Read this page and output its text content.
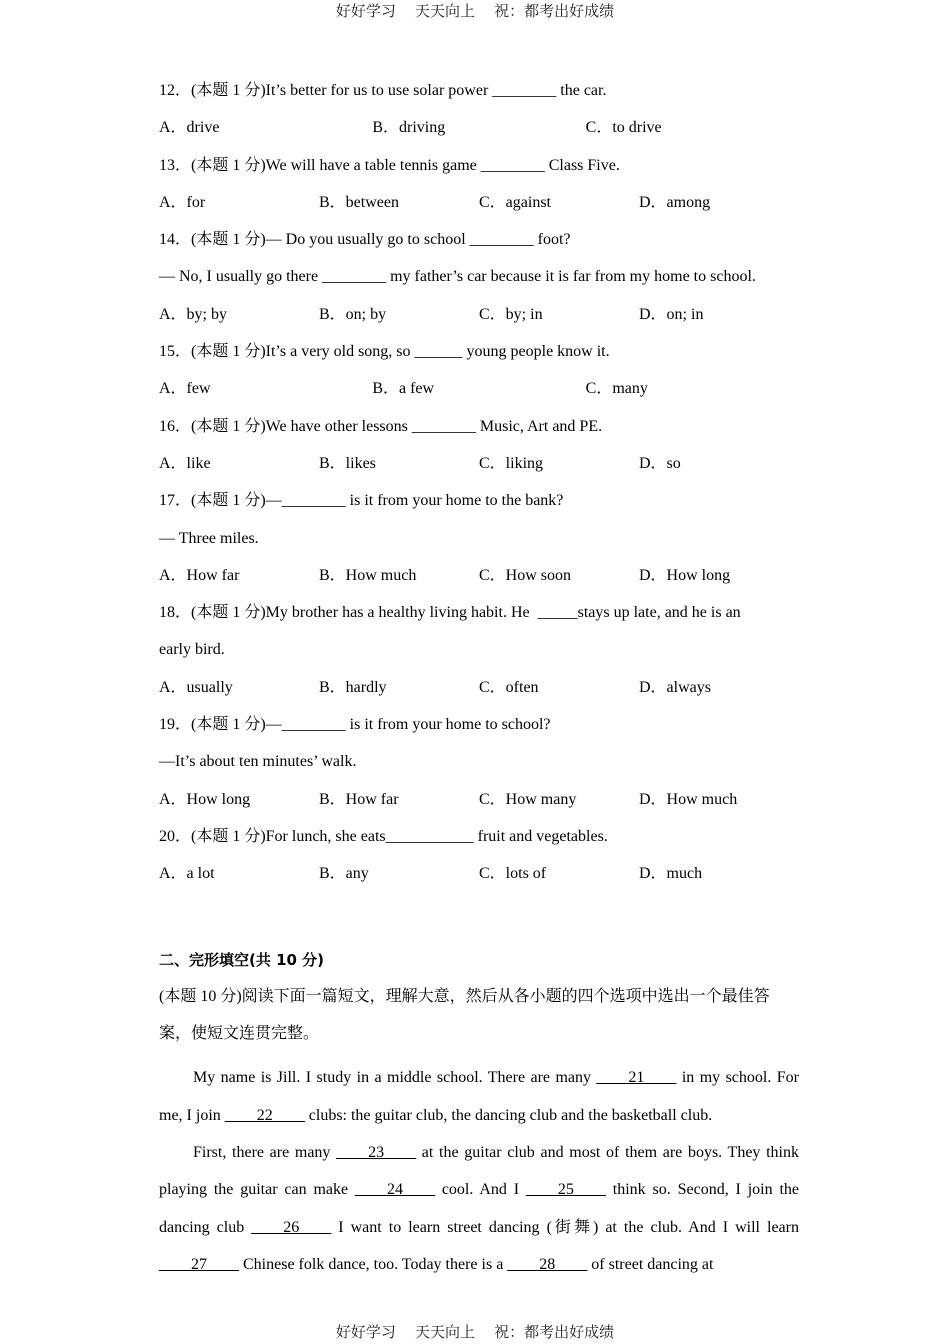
好好学习    天天向上    祝：都考出好成绩
12．(本题 1 分)It’s better for us to use solar power ________ the car.
A．drive	B．driving	C．to drive
13．(本题 1 分)We will have a table tennis game ________ Class Five.
A．for	B．between	C．against	D．among
14．(本题 1 分)— Do you usually go to school ________ foot?
— No, I usually go there ________ my father’s car because it is far from my home to school.
A．by; by	B．on; by	C．by; in	D．on; in
15．(本题 1 分)It’s a very old song, so ______ young people know it.
A．few	B．a few	C．many
16．(本题 1 分)We have other lessons ________ Music, Art and PE.
A．like	B．likes	C．liking	D．so
17．(本题 1 分)—________ is it from your home to the bank?
— Three miles.
A．How far	B．How much	C．How soon	D．How long
18．(本题 1 分)My brother has a healthy living habit. He  _____stays up late, and he is an
early bird.
A．usually	B．hardly	C．often	D．always
19．(本题 1 分)—________ is it from your home to school?
—It’s about ten minutes’ walk.
A．How long	B．How far	C．How many	D．How much
20．(本题 1 分)For lunch, she eats___________ fruit and vegetables.
A．a lot	B．any	C．lots of	D．much
二、完形填空(共 10 分)
(本题 10 分)阅读下面一篇短文，理解大意，然后从各小题的四个选项中选出一个最佳答
案，使短文连贯完整。
My name is Jill. I study in a middle school. There are many ____21____ in my school. For me, I join ____22____ clubs: the guitar club, the dancing club and the basketball club.
First, there are many ____23____ at the guitar club and most of them are boys. They think playing the guitar can make ____24____ cool. And I ____25____ think so. Second, I join the dancing club ____26____ I want to learn street dancing (街舞) at the club. And I will learn ____27____ Chinese folk dance, too. Today there is a ____28____ of street dancing at
好好学习    天天向上    祝：都考出好成绩
